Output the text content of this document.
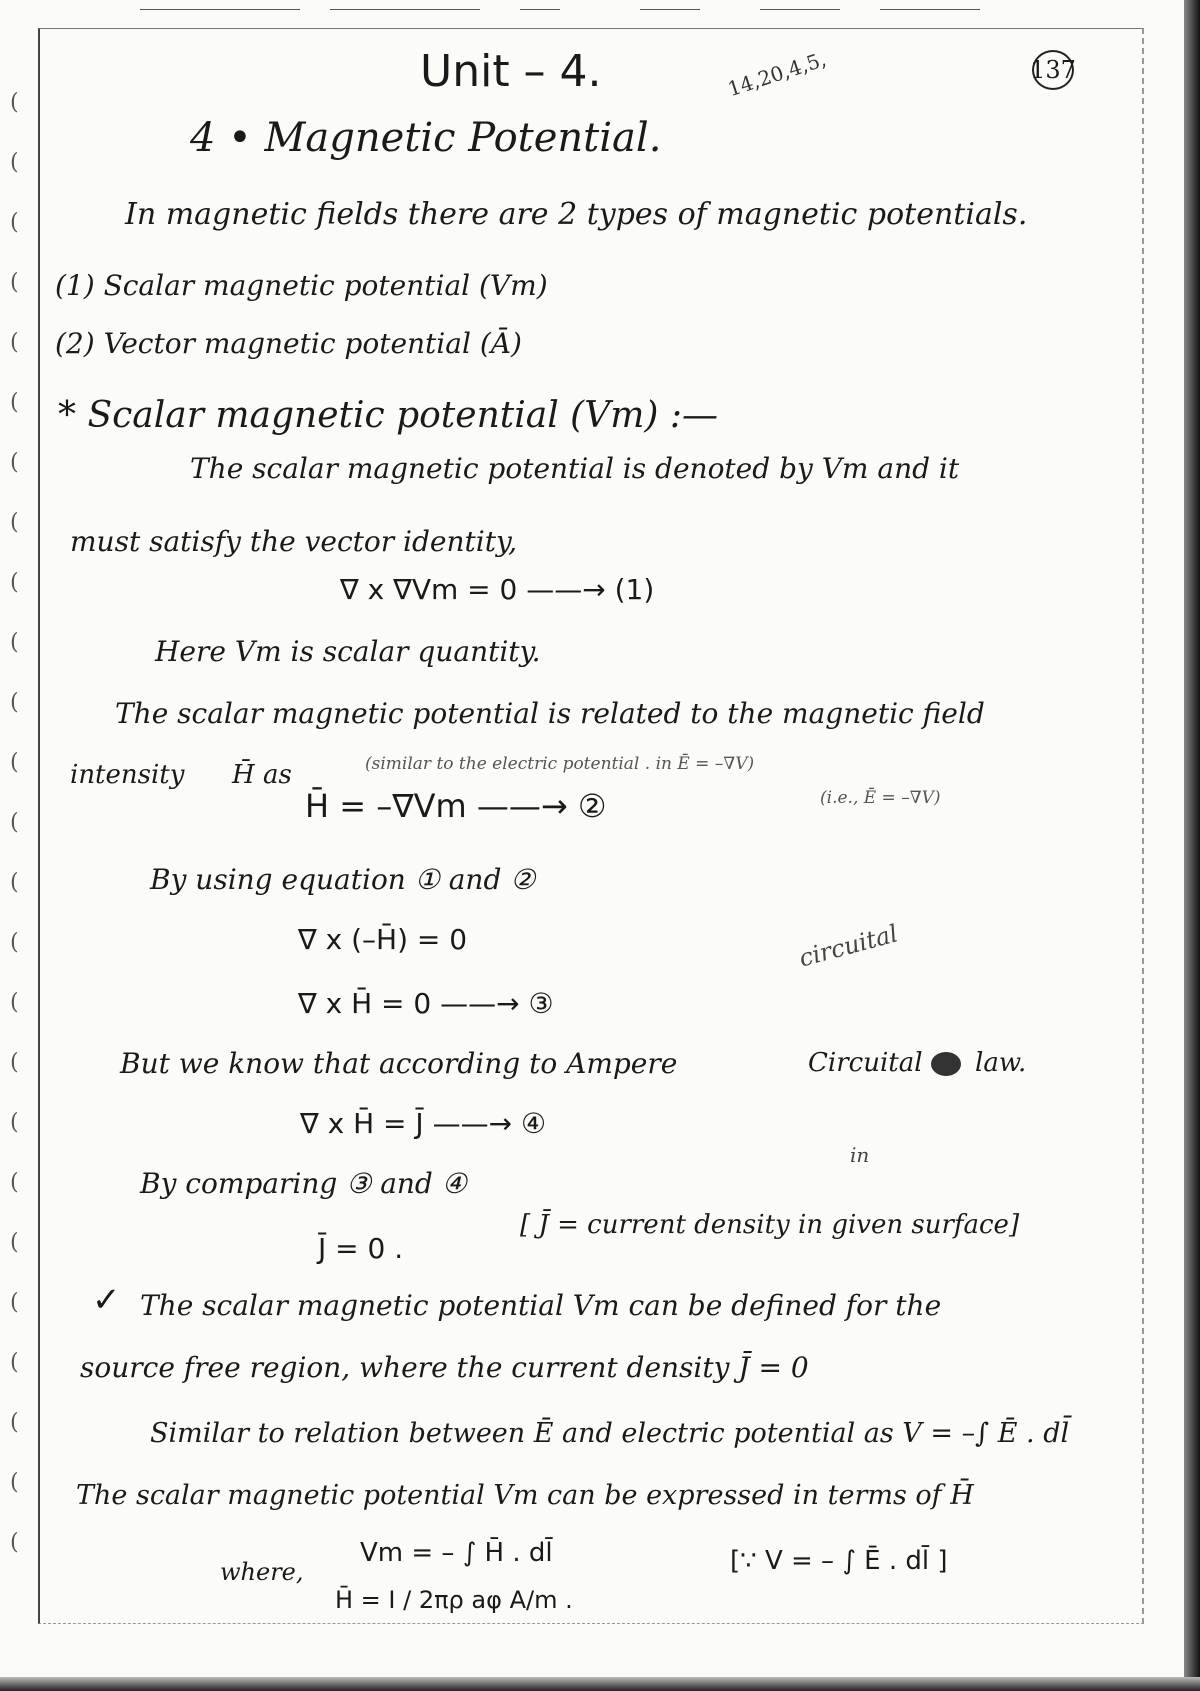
(
(
(
(
(
(
(
(
(
(
(
(
(
(
(
(
(
(
(
(
(
(
(
(
(
Unit – 4.	137
14,20,4,5,
4 • Magnetic Potential.
In magnetic fields there are 2 types of magnetic potentials.
(1) Scalar magnetic potential (Vm)
(2) Vector magnetic potential (Ā)
* Scalar magnetic potential (Vm) :—
The scalar magnetic potential is denoted by Vm and it
must satisfy the vector identity,
∇ x ∇Vm = 0 ——→ (1)
Here Vm is scalar quantity.
The scalar magnetic potential is related to the magnetic field
intensity H̄ as	(similar to the electric potential . in Ē = –∇V)
(i.e., Ē = –∇V)
H̄ = –∇Vm ——→ ②
By using equation ① and ②
∇ x (–H̄) = 0
∇ x H̄ = 0 ——→ ③
circuital
But we know that according to Ampere	Circuital	law.
∇ x H̄ = J̄ ——→ ④
By comparing ③ and ④
in
J̄ = 0 .
[ J̄ = current density in given surface]
✓ The scalar magnetic potential Vm can be defined for the
source free region, where the current density J̄ = 0
Similar to relation between Ē and electric potential as V = –∫ Ē . dl̄
The scalar magnetic potential Vm can be expressed in terms of H̄
where,
Vm = – ∫ H̄ . dl̄	[∵ V = – ∫ Ē . dl̄ ]
H̄ = I / 2πρ aφ A/m .
